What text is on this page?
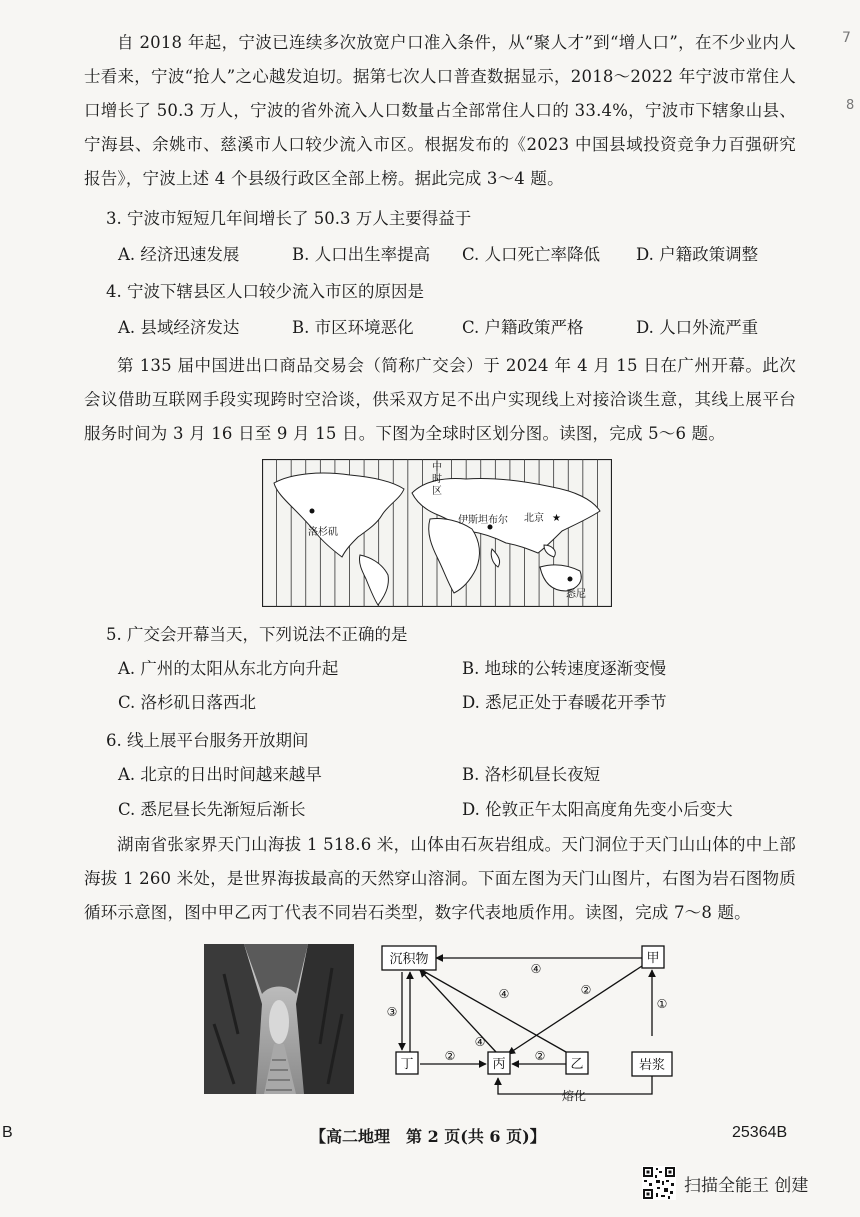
7
8
自 2018 年起，宁波已连续多次放宽户口准入条件，从“聚人才”到“增人口”，在不少业内人士看来，宁波“抢人”之心越发迫切。据第七次人口普查数据显示，2018～2022 年宁波市常住人口增长了 50.3 万人，宁波的省外流入人口数量占全部常住人口的 33.4%，宁波市下辖象山县、宁海县、余姚市、慈溪市人口较少流入市区。根据发布的《2023 中国县域投资竞争力百强研究报告》，宁波上述 4 个县级行政区全部上榜。据此完成 3～4 题。
3. 宁波市短短几年间增长了 50.3 万人主要得益于
A. 经济迅速发展	B. 人口出生率提高 C. 人口死亡率降低 D. 户籍政策调整
4. 宁波下辖县区人口较少流入市区的原因是
A. 县域经济发达	B. 市区环境恶化	C. 户籍政策严格	D. 人口外流严重
第 135 届中国进出口商品交易会（简称广交会）于 2024 年 4 月 15 日在广州开幕。此次会议借助互联网手段实现跨时空洽谈，供采双方足不出户实现线上对接洽谈生意，其线上展平台服务时间为 3 月 16 日至 9 月 15 日。下图为全球时区划分图。读图，完成 5～6 题。
★
中
时
区
洛杉矶
伊斯坦布尔 北京
悉尼
5. 广交会开幕当天，下列说法不正确的是
A. 广州的太阳从东北方向升起	B. 地球的公转速度逐渐变慢
C. 洛杉矶日落西北	D. 悉尼正处于春暖花开季节
6. 线上展平台服务开放期间
A. 北京的日出时间越来越早	B. 洛杉矶昼长夜短
C. 悉尼昼长先渐短后渐长	D. 伦敦正午太阳高度角先变小后变大
湖南省张家界天门山海拔 1 518.6 米，山体由石灰岩组成。天门洞位于天门山山体的中上部海拔 1 260 米处，是世界海拔最高的天然穿山溶洞。下面左图为天门山图片，右图为岩石图物质循环示意图，图中甲乙丙丁代表不同岩石类型，数字代表地质作用。读图，完成 7～8 题。
沉积物	甲
丁	丙	乙	岩浆
④
②
④
④
③
①
②	②
熔化
B	【高二地理　第 2 页(共 6 页)】	25364B
扫描全能王 创建
